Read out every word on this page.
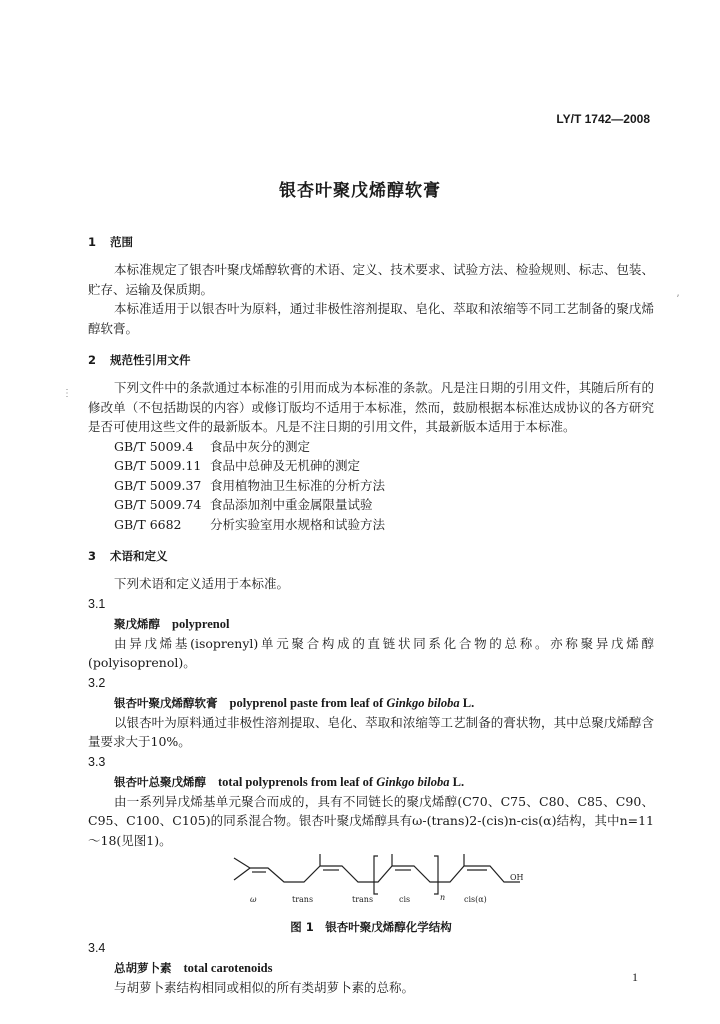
LY/T 1742—2008
银杏叶聚戊烯醇软膏
⋮
ʼ
1 范围
本标准规定了银杏叶聚戊烯醇软膏的术语、定义、技术要求、试验方法、检验规则、标志、包装、贮存、运输及保质期。
本标准适用于以银杏叶为原料，通过非极性溶剂提取、皂化、萃取和浓缩等不同工艺制备的聚戊烯醇软膏。
2 规范性引用文件
下列文件中的条款通过本标准的引用而成为本标准的条款。凡是注日期的引用文件，其随后所有的修改单（不包括勘误的内容）或修订版均不适用于本标准，然而，鼓励根据本标准达成协议的各方研究是否可使用这些文件的最新版本。凡是不注日期的引用文件，其最新版本适用于本标准。
GB/T 5009.4 食品中灰分的测定
GB/T 5009.11 食品中总砷及无机砷的测定
GB/T 5009.37 食用植物油卫生标准的分析方法
GB/T 5009.74 食品添加剂中重金属限量试验
GB/T 6682 分析实验室用水规格和试验方法
3 术语和定义
下列术语和定义适用于本标准。
3.1
聚戊烯醇 polyprenol
由异戊烯基(isoprenyl)单元聚合构成的直链状同系化合物的总称。亦称聚异戊烯醇(polyisoprenol)。
3.2
银杏叶聚戊烯醇软膏 polyprenol paste from leaf of Ginkgo biloba L.
以银杏叶为原料通过非极性溶剂提取、皂化、萃取和浓缩等工艺制备的膏状物，其中总聚戊烯醇含量要求大于10%。
3.3
银杏叶总聚戊烯醇 total polyprenols from leaf of Ginkgo biloba L.
由一系列异戊烯基单元聚合而成的，具有不同链长的聚戊烯醇(C70、C75、C80、C85、C90、C95、C100、C105)的同系混合物。银杏叶聚戊烯醇具有ω-(trans)2-(cis)n-cis(α)结构，其中n=11～18(见图1)。
ω	trans	trans	cis	n cis(α)
OH
图 1　银杏叶聚戊烯醇化学结构
3.4
总胡萝卜素 total carotenoids
与胡萝卜素结构相同或相似的所有类胡萝卜素的总称。
1
